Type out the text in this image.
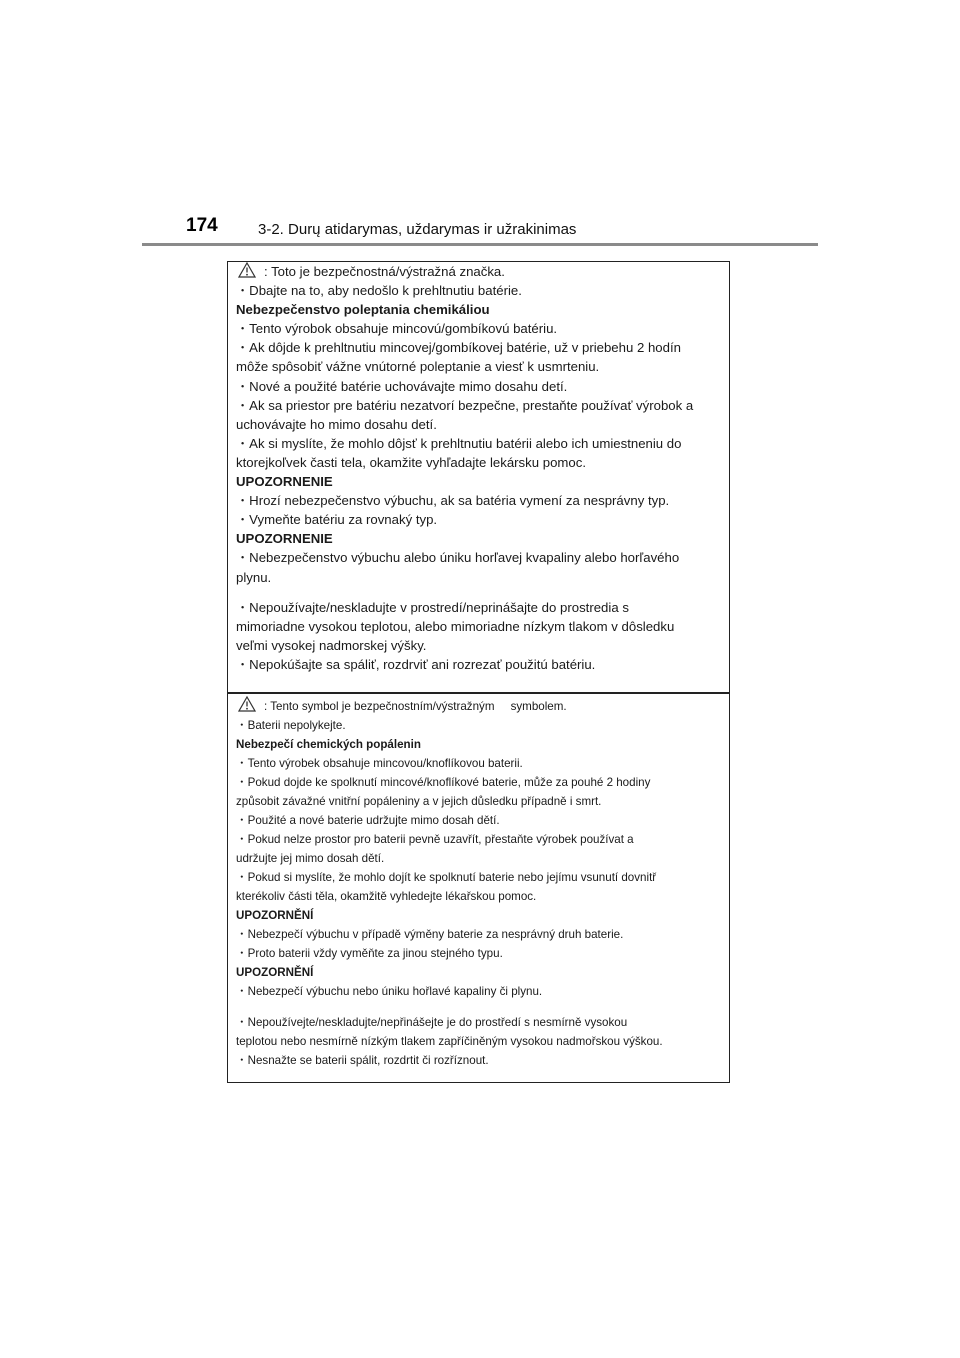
174	3-2. Durų atidarymas, uždarymas ir užrakinimas
: Toto je bezpečnostná/výstražná značka.
・Dbajte na to, aby nedošlo k prehltnutiu batérie.
Nebezpečenstvo poleptania chemikáliou
・Tento výrobok obsahuje mincovú/gombíkovú batériu.
・Ak dôjde k prehltnutiu mincovej/gombíkovej batérie, už v priebehu 2 hodín
môže spôsobiť vážne vnútorné poleptanie a viesť k usmrteniu.
・Nové a použité batérie uchovávajte mimo dosahu detí.
・Ak sa priestor pre batériu nezatvorí bezpečne, prestaňte používať výrobok a
uchovávajte ho mimo dosahu detí.
・Ak si myslíte, že mohlo dôjsť k prehltnutiu batérii alebo ich umiestneniu do
ktorejkoľvek časti tela, okamžite vyhľadajte lekársku pomoc.
UPOZORNENIE
・Hrozí nebezpečenstvo výbuchu, ak sa batéria vymení za nesprávny typ.
・Vymeňte batériu za rovnaký typ.
UPOZORNENIE
・Nebezpečenstvo výbuchu alebo úniku horľavej kvapaliny alebo horľavého
plynu.
・Nepoužívajte/neskladujte v prostredí/neprinášajte do prostredia s
mimoriadne vysokou teplotou, alebo mimoriadne nízkym tlakom v dôsledku
veľmi vysokej nadmorskej výšky.
・Nepokúšajte sa spáliť, rozdrviť ani rozrezať použitú batériu.
: Tento symbol je bezpečnostním/výstražným     symbolem.
・Baterii nepolykejte.
Nebezpečí chemických popálenin
・Tento výrobek obsahuje mincovou/knoflíkovou baterii.
・Pokud dojde ke spolknutí mincové/knoflíkové baterie, může za pouhé 2 hodiny
způsobit závažné vnitřní popáleniny a v jejich důsledku případně i smrt.
・Použité a nové baterie udržujte mimo dosah dětí.
・Pokud nelze prostor pro baterii pevně uzavřít, přestaňte výrobek používat a
udržujte jej mimo dosah dětí.
・Pokud si myslíte, že mohlo dojít ke spolknutí baterie nebo jejímu vsunutí dovnitř
kterékoliv části těla, okamžitě vyhledejte lékařskou pomoc.
UPOZORNĚNÍ
・Nebezpečí výbuchu v případě výměny baterie za nesprávný druh baterie.
・Proto baterii vždy vyměňte za jinou stejného typu.
UPOZORNĚNÍ
・Nebezpečí výbuchu nebo úniku hořlavé kapaliny či plynu.
・Nepoužívejte/neskladujte/nepřinášejte je do prostředí s nesmírně vysokou
teplotou nebo nesmírně nízkým tlakem zapříčiněným vysokou nadmořskou výškou.
・Nesnažte se baterii spálit, rozdrtit či rozříznout.
